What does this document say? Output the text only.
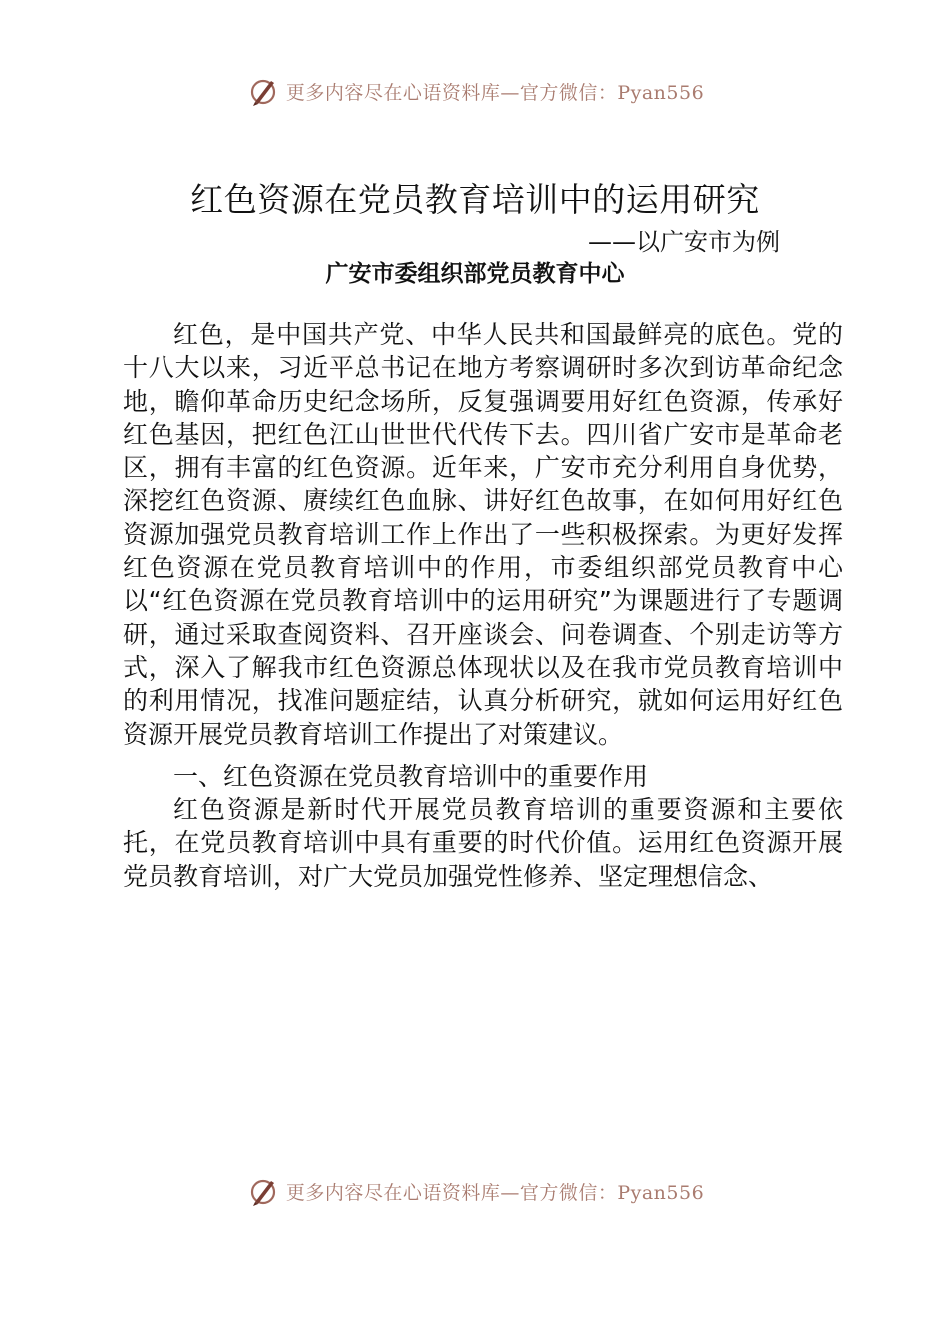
更多内容尽在心语资料库—官方微信：Pyan556
红色资源在党员教育培训中的运用研究
——以广安市为例
广安市委组织部党员教育中心

红色，是中国共产党、中华人民共和国最鲜亮的底色。党的十八大以来，习近平总书记在地方考察调研时多次到访革命纪念地，瞻仰革命历史纪念场所，反复强调要用好红色资源，传承好红色基因，把红色江山世世代代传下去。四川省广安市是革命老区，拥有丰富的红色资源。近年来，广安市充分利用自身优势，深挖红色资源、赓续红色血脉、讲好红色故事，在如何用好红色资源加强党员教育培训工作上作出了一些积极探索。为更好发挥红色资源在党员教育培训中的作用，市委组织部党员教育中心以“红色资源在党员教育培训中的运用研究”为课题进行了专题调研，通过采取查阅资料、召开座谈会、问卷调查、个别走访等方式，深入了解我市红色资源总体现状以及在我市党员教育培训中的利用情况，找准问题症结，认真分析研究，就如何运用好红色资源开展党员教育培训工作提出了对策建议。

一、红色资源在党员教育培训中的重要作用

红色资源是新时代开展党员教育培训的重要资源和主要依托，在党员教育培训中具有重要的时代价值。运用红色资源开展党员教育培训，对广大党员加强党性修养、坚定理想信念、

更多内容尽在心语资料库—官方微信：Pyan556
